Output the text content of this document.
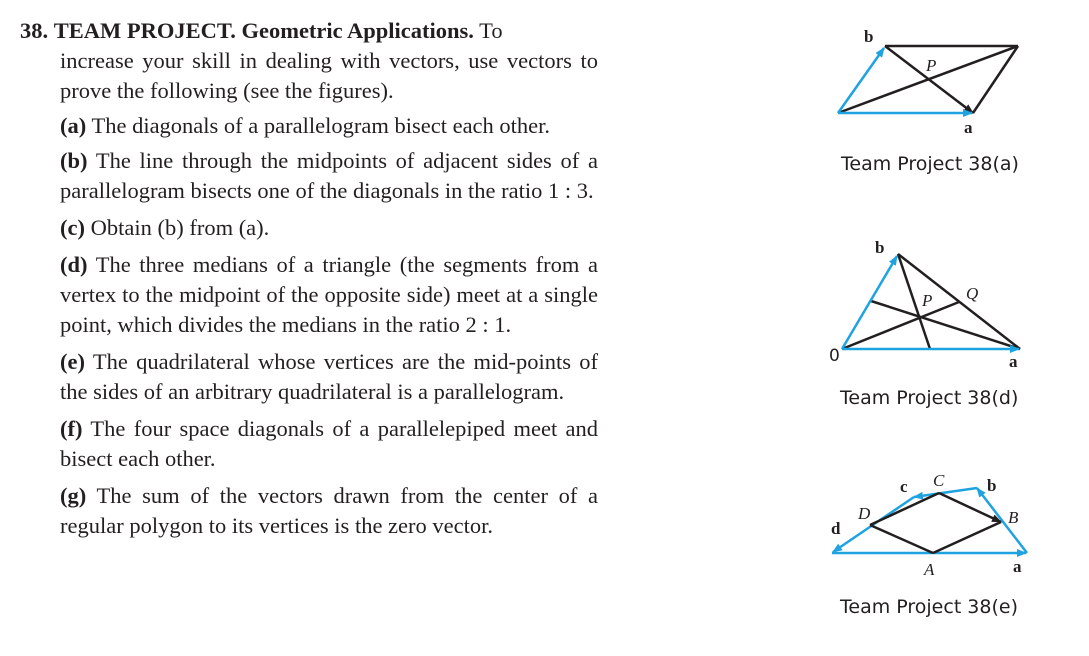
38. TEAM PROJECT. Geometric Applications. To
increase your skill in dealing with vectors, use vectors to prove the following (see the figures).
(a) The diagonals of a parallelogram bisect each other.
(b) The line through the midpoints of adjacent sides of a parallelogram bisects one of the diagonals in the ratio 1 : 3.
(c) Obtain (b) from (a).
(d) The three medians of a triangle (the segments from a vertex to the midpoint of the opposite side) meet at a single point, which divides the medians in the ratio 2 : 1.
(e) The quadrilateral whose vertices are the mid-points of the sides of an arbitrary quadrilateral is a parallelogram.
(f) The four space diagonals of a parallelepiped meet and bisect each other.
(g) The sum of the vectors drawn from the center of a regular polygon to its vertices is the zero vector.
b
P
a
Team Project 38(a)
b
P Q
0	a
Team Project 38(d)
c C	b
D	B
d
A	a
Team Project 38(e)
